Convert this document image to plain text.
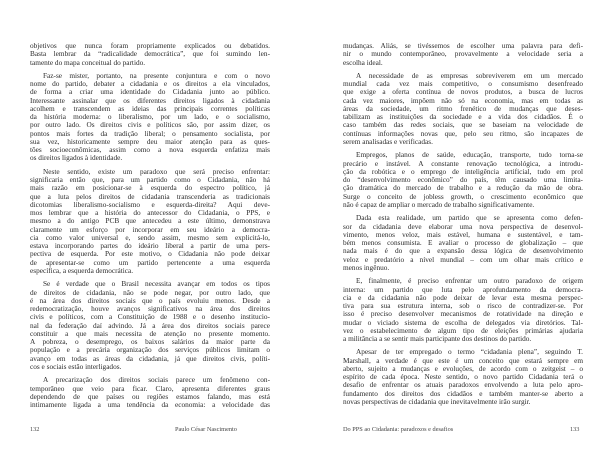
objetivos que nunca foram propriamente explicados ou debatidos.
Basta lembrar da “radicalidade democrática”, que foi sumindo len-
tamente do mapa conceitual do partido.
Faz-se mister, portanto, na presente conjuntura e com o novo
nome do partido, debater a cidadania e os direitos a ela vinculados,
de forma a criar uma identidade do Cidadania junto ao público.
Interessante assinalar que os diferentes direitos ligados à cidadania
acolhem e transcendem as ideias das principais correntes políticas
da história moderna: o liberalismo, por um lado, e o socialismo,
por outro lado. Os direitos civis e políticos são, por assim dizer, os
pontos mais fortes da tradição liberal; o pensamento socialista, por
sua vez, historicamente sempre deu maior atenção para as ques-
tões socioeconômicas, assim como a nova esquerda enfatiza mais
os direitos ligados à identidade.
Neste sentido, existe um paradoxo que será preciso enfrentar:
significaria então que, para um partido como o Cidadania, não há
mais razão em posicionar-se à esquerda do espectro político, já
que a luta pelos direitos de cidadania transcenderia as tradicionais
dicotomias liberalismo-socialismo e esquerda-direita? Aqui deve-
mos lembrar que a história do antecessor do Cidadania, o PPS, e
mesmo a do antigo PCB que antecedeu a este último, demonstrava
claramente um esforço por incorporar em seu ideário a democra-
cia como valor universal e, sendo assim, mesmo sem explicitá-lo,
estava incorporando partes do ideário liberal a partir de uma pers-
pectiva de esquerda. Por este motivo, o Cidadania não pode deixar
de apresentar-se como um partido pertencente a uma esquerda
específica, a esquerda democrática.
Se é verdade que o Brasil necessita avançar em todos os tipos
de direitos de cidadania, não se pode negar, por outro lado, que
é na área dos direitos sociais que o país evoluiu menos. Desde a
redemocratização, houve avanços significativos na área dos direitos
civis e políticos, com a Constituição de 1988 e o desenho institucio-
nal da federação daí advindo. Já a área dos direitos sociais parece
constituir a que mais necessita de atenção no presente momento.
A pobreza, o desemprego, os baixos salários da maior parte da
população e a precária organização dos serviços públicos limitam o
avanço em todas as áreas da cidadania, já que direitos civis, políti-
cos e sociais estão interligados.
A precarização dos direitos sociais parece um fenômeno con-
temporâneo que veio para ficar. Claro, apresenta diferentes graus
dependendo de que países ou regiões estamos falando, mas está
intimamente ligada a uma tendência da economia: a velocidade das
132	Paulo César Nascimento
mudanças. Aliás, se tivéssemos de escolher uma palavra para defi-
nir o mundo contemporâneo, provavelmente a velocidade seria a
escolha ideal.
A necessidade de as empresas sobreviverem em um mercado
mundial cada vez mais competitivo, o consumismo desenfreado
que exige a oferta contínua de novos produtos, a busca de lucros
cada vez maiores, impõem não só na economia, mas em todas as
áreas da sociedade, um ritmo frenético de mudanças que deses-
tabilizam as instituições da sociedade e a vida dos cidadãos. É o
caso também das redes sociais, que se baseiam na velocidade de
contínuas informações novas que, pelo seu ritmo, são incapazes de
serem analisadas e verificadas.
Empregos, planos de saúde, educação, transporte, tudo torna-se
precário e instável. A constante renovação tecnológica, a introdu-
ção da robótica e o emprego de inteligência artificial, tudo em prol
do “desenvolvimento econômico” do país, têm causado uma limita-
ção dramática do mercado de trabalho e a redução da mão de obra.
Surge o conceito de jobless growth, o crescimento econômico que
não é capaz de ampliar o mercado de trabalho significativamente.
Dada esta realidade, um partido que se apresenta como defen-
sor da cidadania deve elaborar uma nova perspectiva de desenvol-
vimento, menos veloz, mais estável, humana e sustentável, e tam-
bém menos consumista. E avaliar o processo de globalização – que
nada mais é do que a expansão dessa lógica de desenvolvimento
veloz e predatório a nível mundial – com um olhar mais crítico e
menos ingênuo.
E, finalmente, é preciso enfrentar um outro paradoxo de origem
interna: um partido que luta pelo aprofundamento da democra-
cia e da cidadania não pode deixar de levar esta mesma perspec-
tiva para sua estrutura interna, sob o risco de contradizer-se. Por
isso é preciso desenvolver mecanismos de rotatividade na direção e
mudar o viciado sistema de escolha de delegados via diretórios. Tal-
vez o estabelecimento de algum tipo de eleições primárias ajudaria
a militância a se sentir mais participante dos destinos do partido.
Apesar de ter empregado o termo “cidadania plena”, seguindo T.
Marshall, a verdade é que este é um conceito que estará sempre em
aberto, sujeito a mudanças e evoluções, de acordo com o zeitgeist – o
espírito de cada época. Neste sentido, o novo partido Cidadania terá o
desafio de enfrentar os atuais paradoxos envolvendo a luta pelo apro-
fundamento dos direitos dos cidadãos e também manter-se aberto a
novas perspectivas de cidadania que inevitavelmente irão surgir.
Do PPS ao Cidadania: paradoxos e desafios	133
